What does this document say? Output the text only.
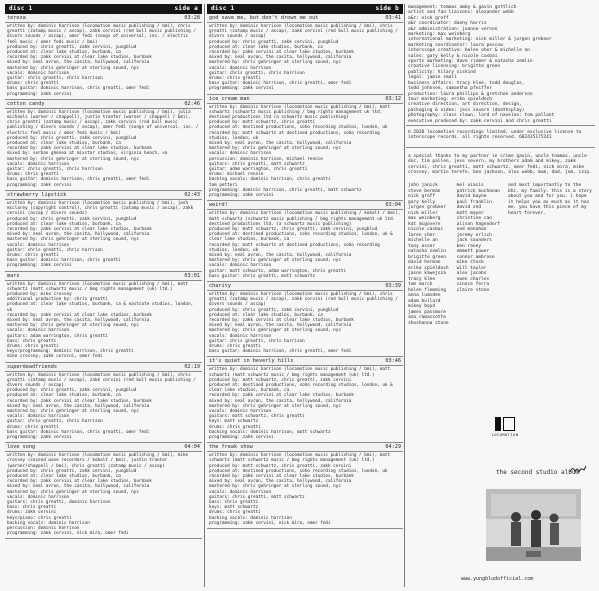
disc 1	side a
tereza	03:28
written by: dominic harrison (locomotion music publishing / bmi), chris greatti (zatamp music / ascap), zakk cervini (red bull music publishing / divers sounds / ascap), omer fedi (songs of universal, inc. / electric feel music / omer fedi music / bmi)
produced by: chris greatti, zakk cervini, yungblud
produced at: clear lake studios, burbank, ca
recorded by: zakk cervini at clear lake studios, burbank
mixed by: neal avron, the casita, hollywood, california
mastered by: chris gehringer at sterling sound, nyc
vocals: dominic harrison
guitar: chris greatti, chris harrison
drums: chris greatti
bass guitar: dominic harrison, chris greatti, omer fedi
programming: zakk cervini
cotton candy	02:46
written by: dominic harrison (locomotion music publishing / bmi), julia michaels (warner / chappell), justin tranter (warner / chappell / bmi), chris greatti (zatamp music / ascap), zakk cervini (red bull music publishing / divers sounds / ascap), omer fedi (songs of universal, inc. / electric feel music / omer fedi music / bmi)
produced by: chris greatti, zakk cervini, yungblud
produced at: clear lake studios, burbank, ca
recorded by: zakk cervini at clear lake studios, burbank
mixed by: serban ghenea at mixstar studios, virginia beach, va
mastered by: chris gehringer at sterling sound, nyc
vocals: dominic harrison
guitar: chris greatti, chris harrison
drums: chris greatti
bass guitar: dominic harrison, chris greatti, omer fedi
programming: zakk cervini
strawberry lipstick	02:43
written by: dominic harrison (locomotion music publishing / bmi), josh mcclarey (copyright control), chris greatti (zatamp music / ascap), zakk cervini (ascap / divers sounds)
produced by: chris greatti, zakk cervini, yungblud
produced at: clear lake studios, burbank, ca
recorded by: zakk cervini at clear lake studios, burbank
mixed by: neal avron, the casita, hollywood, california
mastered by: chris gehringer at sterling sound, nyc
vocals: dominic harrison
guitar: chris greatti, chris harrison
drums: chris greatti
bass guitar: dominic harrison, chris greatti
programming: zakk cervini
mars	03:01
written by: dominic harrison (locomotion music publishing / bmi), matt schwartz (matt schwartz music / bmg rights management (uk) ltd.)
produced by: mike crossey
additional production by: chris greatti
produced at: clear lake studios, burbank, ca & eastcote studios, london, uk
recorded by: zakk cervini at clear lake studios, burbank
mixed by: neal avron, the casita, hollywood, california
mastered by: chris gehringer at sterling sound, nyc
vocals: dominic harrison
guitars: adam warrington, chris greatti
bass: chris greatti
drums: chris greatti
keys/programming: dominic harrison, chris greatti
mike crossey, zakk cervini, omer fedi
superdeadfriends	02:19
written by: dominic harrison (locomotion music publishing / bmi), chris greatti (zatamp music / ascap), zakk cervini (red bull music publishing / divers sounds / ascap)
produced by: chris greatti, zakk cervini, yungblud
produced at: clear lake studios, burbank, ca
recorded by: zakk cervini at clear lake studios, burbank
mixed by: neal avron, the casita, hollywood, california
mastered by: chris gehringer at sterling sound, nyc
vocals: dominic harrison
guitar: chris greatti, chris harrison
drums: chris greatti
bass guitar: dominic harrison, chris greatti, omer fedi
programming: zakk cervini
love song	04:04
written by: dominic harrison (locomotion music publishing / bmi), mike crossey (second wave recorders / kobalt / bmi), justin tranter (warner/chappell / bmi), chris greatti (zatamp music / ascap)
produced by: chris greatti, zakk cervini, yungblud
produced at: clear lake studios, burbank, ca
recorded by: zakk cervini at clear lake studios, burbank
mixed by: neal avron, the casita, hollywood, california
mastered by: chris gehringer at sterling sound, nyc
vocals: dominic harrison
guitars: chris greatti, dominic harrison
bass: chris greatti
drums: zakk cervini
keys/piano: chris greatti
backing vocals: dominic harrison
percussion: dominic harrison
programming: zakk cervini, nick mira, omer fedi
disc 1	side b
god save me, but don't drown me out	03:41
written by: dominic harrison (locomotion music publishing / bmi), chris greatti (zatamp music / ascap), zakk cervini (red bull music publishing / divers sounds / ascap)
produced by: chris greatti, zakk cervini, yungblud
produced at: clear lake studios, burbank, ca
recorded by: zakk cervini at clear lake studios, burbank
mixed by: neal avron, the casita, hollywood, california
mastered by: chris gehringer at sterling sound, nyc
vocals: dominic harrison
guitar: chris greatti, chris harrison
drums: chris greatti
bass guitar: dominic harrison, chris greatti, omer fedi
programming: zakk cervini
ice cream man	03:12
written by: dominic harrison (locomotion music publishing / bmi), matt schwartz (schwartz music publishing / bmg rights management uk ltd. destined productions ltd (a schwartz music publishing)
produced by: matt schwartz, chris greatti
produced at: destined productions, soho recording studios, london, uk
recorded by: matt schwartz at destined productions, soho recording studios, london, uk
mixed by: neal avron, the casita, hollywood, california
mastered by: chris gehringer at sterling sound, nyc
vocals: dominic harrison
percussion: dominic harrison, michael rennie
guitars: chris greatti, matt schwartz
guitar: adam warrington, chris greatti
drums: michael rennie
backing vocals: dominic harrison, chris greatti
tom petteri
programming: dominic harrison, chris greatti, matt schwartz
programming: zakk cervini
weird!	03:04
written by: dominic harrison (locomotion music publishing / kobalt / bmi), matt schwartz (schwartz music publishing / bmg rights management uk ltd. destined productions ltd. (a schwartz music publishing)
produced by: matt schwartz, chris greatti, zakk cervini, yungblud
produced at: destined productions, soho recording studios, london, uk & clear lake studios, burbank, ca
recorded by: matt schwartz at destined productions, soho recording studios, london, uk
mixed by: neal avron, the casita, hollywood, california
mastered by: chris gehringer at sterling sound, nyc
vocals: dominic harrison
guitar: matt schwartz, adam warrington, chris greatti
bass guitar: chris greatti, matt schwartz
charity	03:39
written by: dominic harrison (locomotion music publishing / bmi), chris greatti (zatamp music / ascap), zakk cervini (red bull music publishing / divers sounds / ascap)
produced by: chris greatti, zakk cervini, yungblud
produced at: clear lake studios, burbank, ca
recorded by: zakk cervini at clear lake studios, burbank
mixed by: neal avron, the casita, hollywood, california
mastered by: chris gehringer at sterling sound, nyc
vocals: dominic harrison
guitar: chris greatti, chris harrison
drums: chris greatti
bass guitar: dominic harrison, chris greatti, omer fedi
it's quiet in beverly hills	03:46
written by: dominic harrison (locomotion music publishing / bmi), matt schwartz (matt schwartz music / bmg rights management (uk) ltd.)
produced by: matt schwartz, chris greatti, zakk cervini
produced at: destined productions, soho recording studios, london, uk & clear lake studios, burbank, ca
recorded by: zakk cervini at clear lake studios, burbank
mixed by: neal avron, the casita, hollywood, california
mastered by: chris gehringer at sterling sound, nyc
vocals: dominic harrison
guitars: matt schwartz, chris greatti
keys: matt schwartz
drums: chris greatti
backing vocals: dominic harrison, matt schwartz
programming: zakk cervini
the freak show	04:29
written by: dominic harrison (locomotion music publishing / bmi), matt schwartz (matt schwartz music / bmg rights management (uk) ltd.)
produced by: matt schwartz, chris greatti, zakk cervini
produced at: destined productions, soho recording studios, london, uk
recorded by: zakk cervini at clear lake studios, burbank
mixed by: neal avron, the casita, hollywood, california
mastered by: chris gehringer at sterling sound, nyc
vocals: dominic harrison
guitars: chris greatti, matt schwartz
bass: chris greatti
keys: matt schwartz
drums: chris greatti
backing vocals: dominic harrison
programming: zakk cervini, nick mira, omer fedi
management: tommas amby & gavin gottlich
artist and fan liaisons: alexander webb
a&r: nick groff
a&r coordinator: danny harris
a&r administration: jeanne vernon
marketing: max weinberg
international marketing: nick miller & jurgen grebner
marketing coordinator: laura pescow
interscope creative: helen oher & michelle an
sales: gary kelly & nicole casbai
sports marketing: dave riemer & natasha zemlin
creative licensing: brigitte green
publicity: hilary siskind
legal: jamie small
business affairs: tracy klee, todd douglas,
todd johnsen, samantha pfeiffer
production: laura phillips & gretchen anderson
tour marketing: erika spieldoch
creative direction, art direction, design,
packaging & video: jess severn (deathsplay)
photography: class clown, lord of naveloo: tom pallant
executive produced by: zakk cervini and chris greatti
© 2020 locomotion recordings limited, under exclusive license to interscope records. all rights reserved. 602435175241
a special thanks to my partner in crime gavin, uncle tommas, uncle doc, tim pallen, jess severn, my brothers adam and mikey, zakk cervini, chris greatti, matt schwartz, omer fedi, nick mira, mike crossey, martin terefe, ben jackson, alex webb, mum, dad, jem, izzy.
john janick
steve berman
nick groff
gary kelly
jurgen grebner
nick miller
max weinberg
kat mcgovern
nicole casbai
laren cher
michelle an
tony asser
natasha zemlin
brigitte green
david herman
erika spieldoch
jason kawejsza
tracy klee
tom march
helen flemming
anna lumsden
adam bullard
mikey boyd
james passmore
ana ramaccotte
shoshanna stone
mel viasis
patrick buchanan
david bayne
paul franklin
david zed
matt mayer
christine cao
alison hagendorf
ned monahan
jeremy erlich
jack saunders
ben raney
emmett power
connor ambrose
mike stock
will taylor
alex jacobs
owen charles
vinnie ferra
claire stone
and most importantly to the bhc. my family. this is a story about you and for you. i hope it helps you as much as it has me. you have this piece of my heart forever.
LOCOMOTION
the second studio album
www.yungbludofficial.com
